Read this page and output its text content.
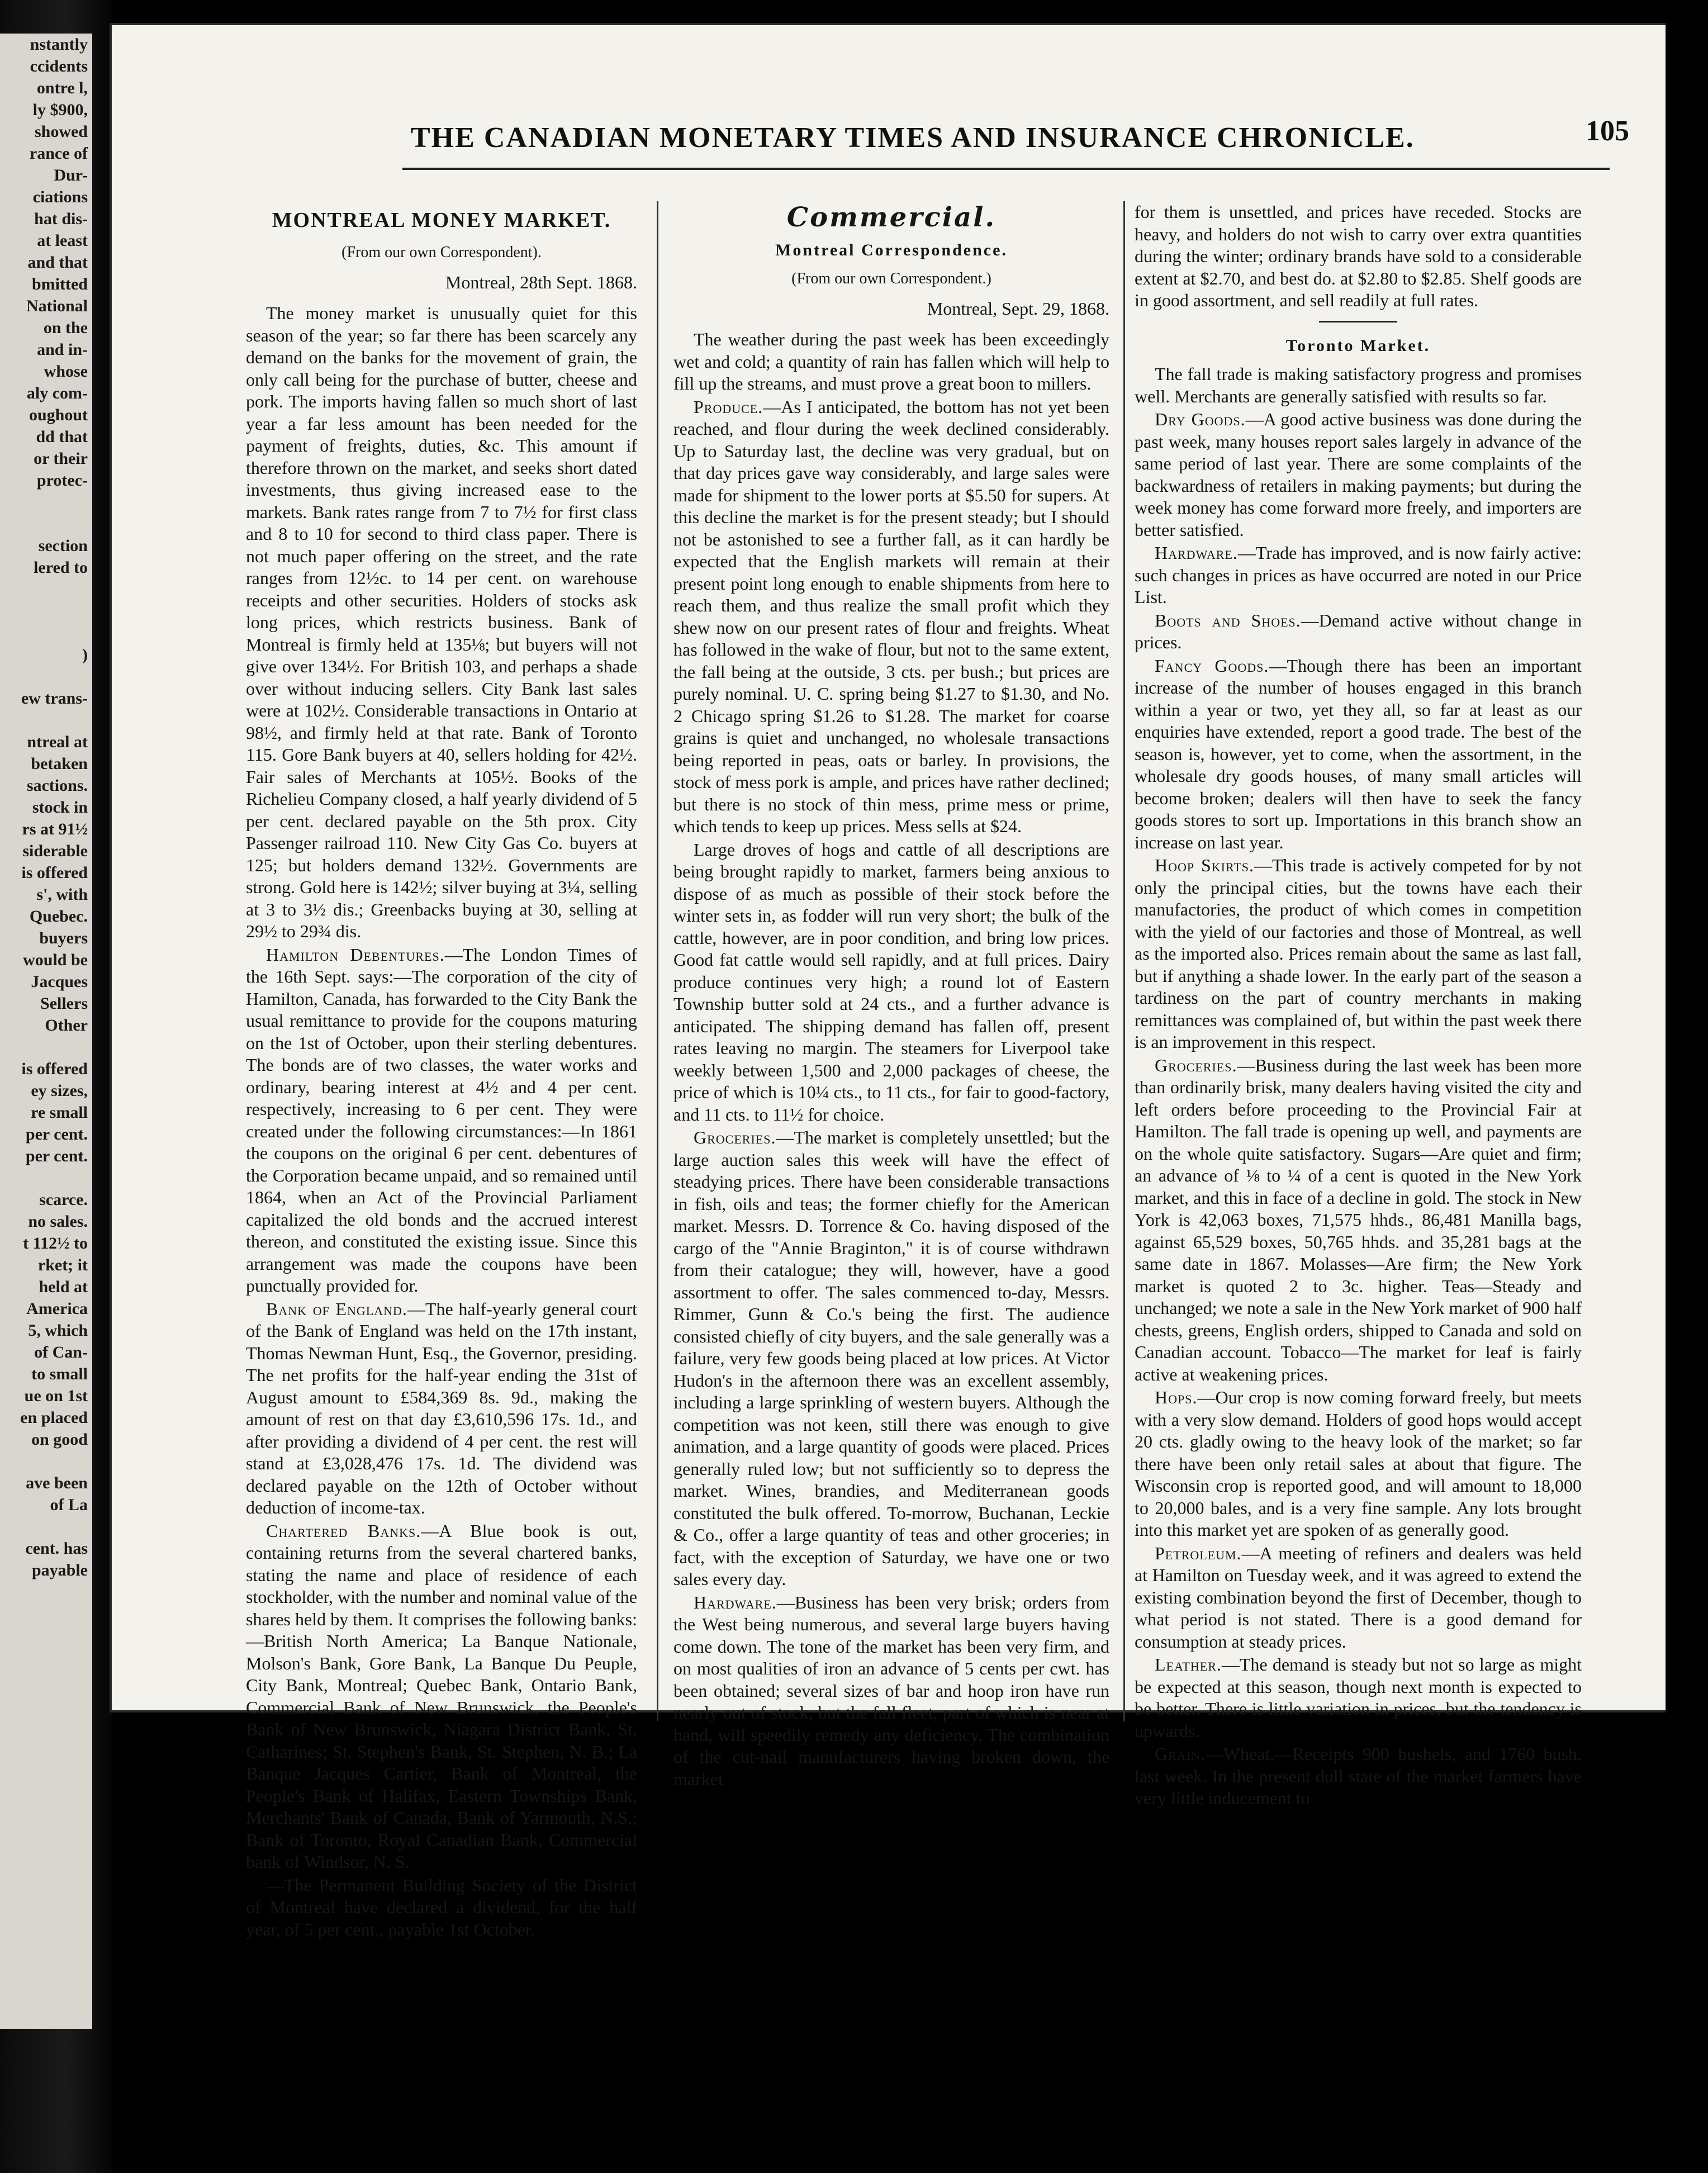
nstantly
ccidents
ontre l,
ly $900,
showed
rance of
Dur-
ciations
hat dis-
at least
and that
bmitted
National
on the
and in-
whose
aly com-
oughout
dd that
or their
protec-

section
lered to

)

ew trans-

ntreal at
betaken
sactions.
stock in
rs at 91½
siderable
is offered
s', with
Quebec.
buyers
would be
Jacques
Sellers
Other

is offered
ey sizes,
re small
per cent.
per cent.

scarce.
no sales.
t 112½ to
rket; it
held at
America
5, which
of Can-
to small
ue on 1st
en placed
on good

ave been
of La

cent. has
payable
THE CANADIAN MONETARY TIMES AND INSURANCE CHRONICLE.	105
MONTREAL MONEY MARKET.
(From our own Correspondent).
Montreal, 28th Sept. 1868.

The money market is unusually quiet for this season of the year; so far there has been scarcely any demand on the banks for the movement of grain, the only call being for the purchase of butter, cheese and pork. The imports having fallen so much short of last year a far less amount has been needed for the payment of freights, duties, &c. This amount if therefore thrown on the market, and seeks short dated investments, thus giving increased ease to the markets. Bank rates range from 7 to 7½ for first class and 8 to 10 for second to third class paper. There is not much paper offering on the street, and the rate ranges from 12½c. to 14 per cent. on warehouse receipts and other securities. Holders of stocks ask long prices, which restricts business. Bank of Montreal is firmly held at 135⅛; but buyers will not give over 134½. For British 103, and perhaps a shade over without inducing sellers. City Bank last sales were at 102½. Considerable transactions in Ontario at 98½, and firmly held at that rate. Bank of Toronto 115. Gore Bank buyers at 40, sellers holding for 42½. Fair sales of Merchants at 105½. Books of the Richelieu Company closed, a half yearly dividend of 5 per cent. declared payable on the 5th prox. City Passenger railroad 110. New City Gas Co. buyers at 125; but holders demand 132½. Governments are strong. Gold here is 142½; silver buying at 3¼, selling at 3 to 3½ dis.; Greenbacks buying at 30, selling at 29½ to 29¾ dis.

Hamilton Debentures.—The London Times of the 16th Sept. says:—The corporation of the city of Hamilton, Canada, has forwarded to the City Bank the usual remittance to provide for the coupons maturing on the 1st of October, upon their sterling debentures. The bonds are of two classes, the water works and ordinary, bearing interest at 4½ and 4 per cent. respectively, increasing to 6 per cent. They were created under the following circumstances:—In 1861 the coupons on the original 6 per cent. debentures of the Corporation became unpaid, and so remained until 1864, when an Act of the Provincial Parliament capitalized the old bonds and the accrued interest thereon, and constituted the existing issue. Since this arrangement was made the coupons have been punctually provided for.

Bank of England.—The half-yearly general court of the Bank of England was held on the 17th instant, Thomas Newman Hunt, Esq., the Governor, presiding. The net profits for the half-year ending the 31st of August amount to £584,369 8s. 9d., making the amount of rest on that day £3,610,596 17s. 1d., and after providing a dividend of 4 per cent. the rest will stand at £3,028,476 17s. 1d. The dividend was declared payable on the 12th of October without deduction of income-tax.

Chartered Banks.—A Blue book is out, containing returns from the several chartered banks, stating the name and place of residence of each stockholder, with the number and nominal value of the shares held by them. It comprises the following banks:—British North America; La Banque Nationale, Molson's Bank, Gore Bank, La Banque Du Peuple, City Bank, Montreal; Quebec Bank, Ontario Bank, Commercial Bank of New Brunswick, the People's Bank of New Brunswick, Niagara District Bank, St. Catharines; St. Stephen's Bank, St. Stephen, N. B.; La Banque Jacques Cartier, Bank of Montreal, the People's Bank of Halifax, Eastern Townships Bank, Merchants' Bank of Canada, Bank of Yarmouth, N.S.; Bank of Toronto, Royal Canadian Bank, Commercial bank of Windsor, N. S.

—The Permanent Building Society of the District of Montreal have declared a dividend, for the half year, of 5 per cent., payable 1st October.

Commercial.
Montreal Correspondence.
(From our own Correspondent.)
Montreal, Sept. 29, 1868.

The weather during the past week has been exceedingly wet and cold; a quantity of rain has fallen which will help to fill up the streams, and must prove a great boon to millers.

Produce.—As I anticipated, the bottom has not yet been reached, and flour during the week declined considerably. Up to Saturday last, the decline was very gradual, but on that day prices gave way considerably, and large sales were made for shipment to the lower ports at $5.50 for supers. At this decline the market is for the present steady; but I should not be astonished to see a further fall, as it can hardly be expected that the English markets will remain at their present point long enough to enable shipments from here to reach them, and thus realize the small profit which they shew now on our present rates of flour and freights. Wheat has followed in the wake of flour, but not to the same extent, the fall being at the outside, 3 cts. per bush.; but prices are purely nominal. U. C. spring being $1.27 to $1.30, and No. 2 Chicago spring $1.26 to $1.28. The market for coarse grains is quiet and unchanged, no wholesale transactions being reported in peas, oats or barley. In provisions, the stock of mess pork is ample, and prices have rather declined; but there is no stock of thin mess, prime mess or prime, which tends to keep up prices. Mess sells at $24.

Large droves of hogs and cattle of all descriptions are being brought rapidly to market, farmers being anxious to dispose of as much as possible of their stock before the winter sets in, as fodder will run very short; the bulk of the cattle, however, are in poor condition, and bring low prices. Good fat cattle would sell rapidly, and at full prices. Dairy produce continues very high; a round lot of Eastern Township butter sold at 24 cts., and a further advance is anticipated. The shipping demand has fallen off, present rates leaving no margin. The steamers for Liverpool take weekly between 1,500 and 2,000 packages of cheese, the price of which is 10¼ cts., to 11 cts., for fair to good-factory, and 11 cts. to 11½ for choice.

Groceries.—The market is completely unsettled; but the large auction sales this week will have the effect of steadying prices. There have been considerable transactions in fish, oils and teas; the former chiefly for the American market. Messrs. D. Torrence & Co. having disposed of the cargo of the "Annie Braginton," it is of course withdrawn from their catalogue; they will, however, have a good assortment to offer. The sales commenced to-day, Messrs. Rimmer, Gunn & Co.'s being the first. The audience consisted chiefly of city buyers, and the sale generally was a failure, very few goods being placed at low prices. At Victor Hudon's in the afternoon there was an excellent assembly, including a large sprinkling of western buyers. Although the competition was not keen, still there was enough to give animation, and a large quantity of goods were placed. Prices generally ruled low; but not sufficiently so to depress the market. Wines, brandies, and Mediterranean goods constituted the bulk offered. To-morrow, Buchanan, Leckie & Co., offer a large quantity of teas and other groceries; in fact, with the exception of Saturday, we have one or two sales every day.

Hardware.—Business has been very brisk; orders from the West being numerous, and several large buyers having come down. The tone of the market has been very firm, and on most qualities of iron an advance of 5 cents per cwt. has been obtained; several sizes of bar and hoop iron have run nearly out of stock, but the fall fleet, part of which is near at hand, will speedily remedy any deficiency. The combination of the cut-nail manufacturers having broken down, the market

for them is unsettled, and prices have receded. Stocks are heavy, and holders do not wish to carry over extra quantities during the winter; ordinary brands have sold to a considerable extent at $2.70, and best do. at $2.80 to $2.85. Shelf goods are in good assortment, and sell readily at full rates.

Toronto Market.

The fall trade is making satisfactory progress and promises well. Merchants are generally satisfied with results so far.

Dry Goods.—A good active business was done during the past week, many houses report sales largely in advance of the same period of last year. There are some complaints of the backwardness of retailers in making payments; but during the week money has come forward more freely, and importers are better satisfied.

Hardware.—Trade has improved, and is now fairly active: such changes in prices as have occurred are noted in our Price List.

Boots and Shoes.—Demand active without change in prices.

Fancy Goods.—Though there has been an important increase of the number of houses engaged in this branch within a year or two, yet they all, so far at least as our enquiries have extended, report a good trade. The best of the season is, however, yet to come, when the assortment, in the wholesale dry goods houses, of many small articles will become broken; dealers will then have to seek the fancy goods stores to sort up. Importations in this branch show an increase on last year.

Hoop Skirts.—This trade is actively competed for by not only the principal cities, but the towns have each their manufactories, the product of which comes in competition with the yield of our factories and those of Montreal, as well as the imported also. Prices remain about the same as last fall, but if anything a shade lower. In the early part of the season a tardiness on the part of country merchants in making remittances was complained of, but within the past week there is an improvement in this respect.

Groceries.—Business during the last week has been more than ordinarily brisk, many dealers having visited the city and left orders before proceeding to the Provincial Fair at Hamilton. The fall trade is opening up well, and payments are on the whole quite satisfactory. Sugars—Are quiet and firm; an advance of ⅛ to ¼ of a cent is quoted in the New York market, and this in face of a decline in gold. The stock in New York is 42,063 boxes, 71,575 hhds., 86,481 Manilla bags, against 65,529 boxes, 50,765 hhds. and 35,281 bags at the same date in 1867. Molasses—Are firm; the New York market is quoted 2 to 3c. higher. Teas—Steady and unchanged; we note a sale in the New York market of 900 half chests, greens, English orders, shipped to Canada and sold on Canadian account. Tobacco—The market for leaf is fairly active at weakening prices.

Hops.—Our crop is now coming forward freely, but meets with a very slow demand. Holders of good hops would accept 20 cts. gladly owing to the heavy look of the market; so far there have been only retail sales at about that figure. The Wisconsin crop is reported good, and will amount to 18,000 to 20,000 bales, and is a very fine sample. Any lots brought into this market yet are spoken of as generally good.

Petroleum.—A meeting of refiners and dealers was held at Hamilton on Tuesday week, and it was agreed to extend the existing combination beyond the first of December, though to what period is not stated. There is a good demand for consumption at steady prices.

Leather.—The demand is steady but not so large as might be expected at this season, though next month is expected to be better. There is little variation in prices, but the tendency is upwards.

Grain.—Wheat.—Receipts 900 bushels, and 1760 bush. last week. In the present dull state of the market farmers have very little inducement to
